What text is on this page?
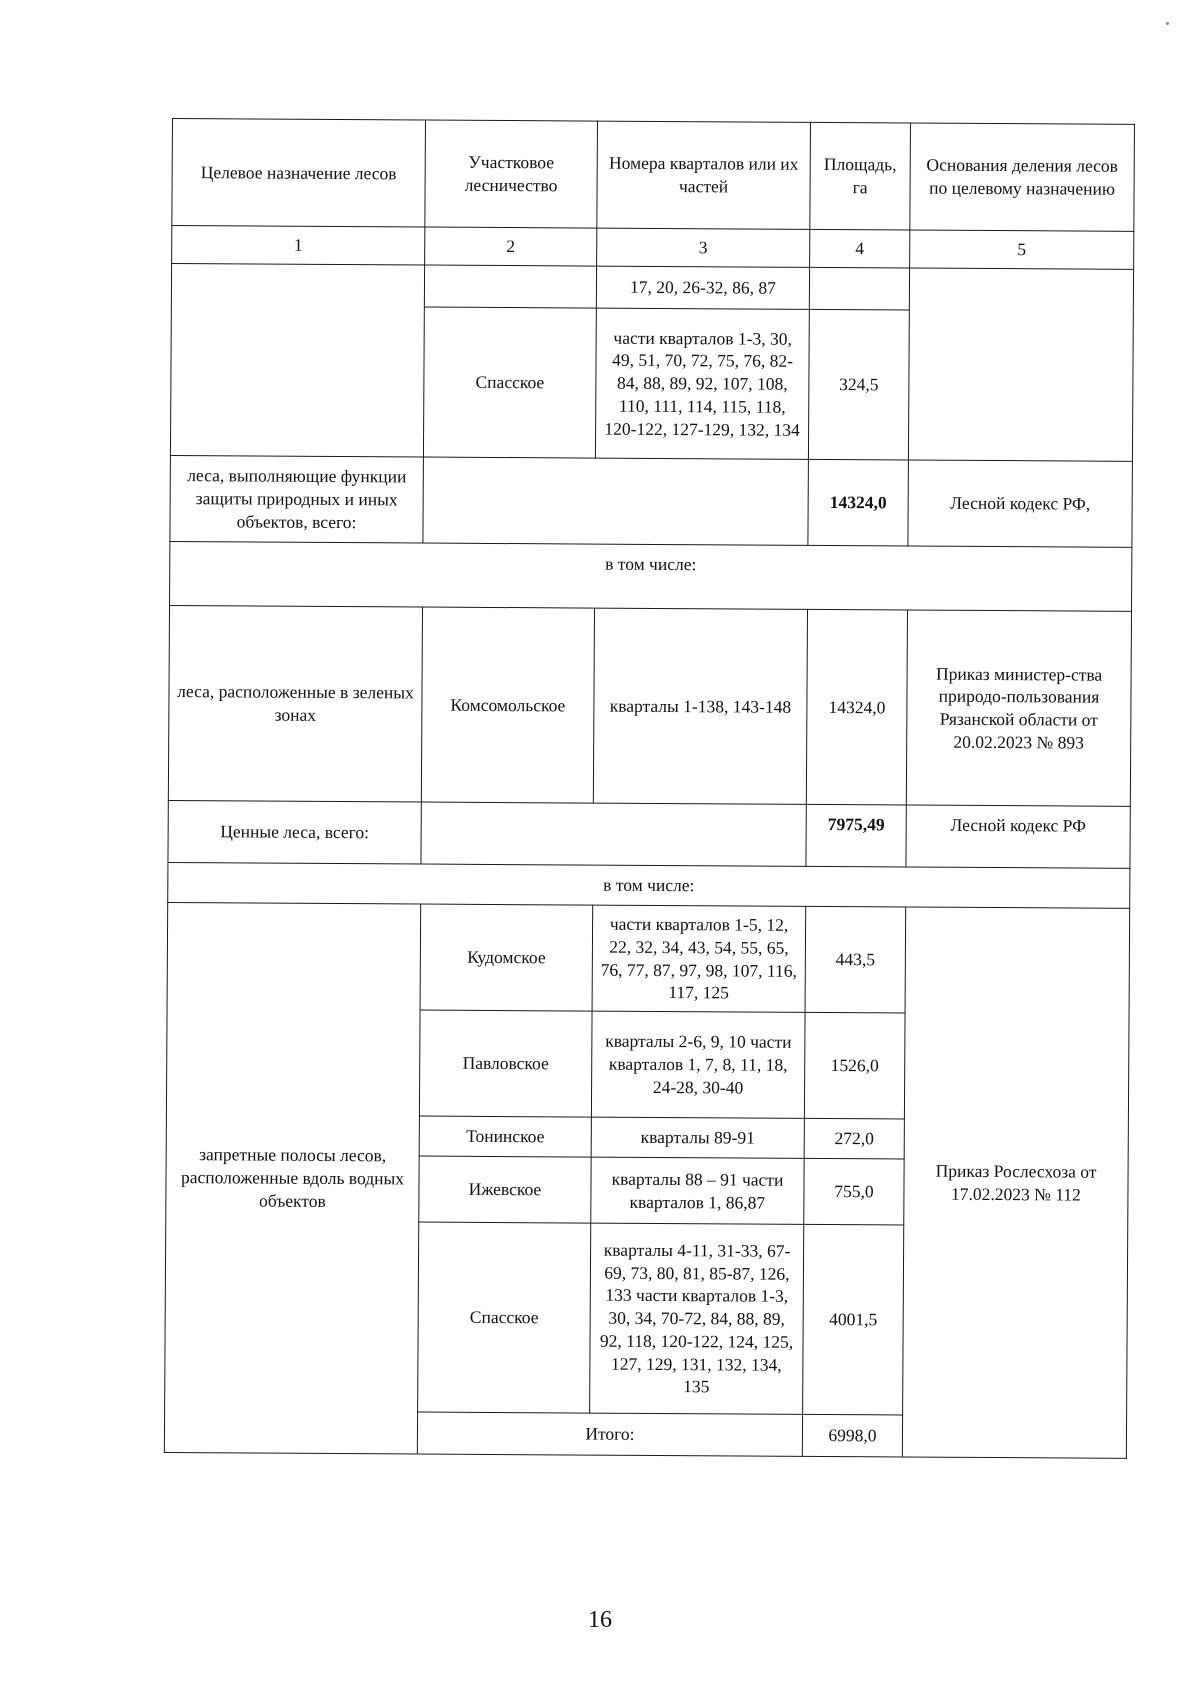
Целевое назначение лесов	Участковое лесничество	Номера кварталов или их частей	Площадь, га	Основания деления лесов по целевому назначению
1	2	3	4	5
		17, 20, 26-32, 86, 87		
	Спасское	части кварталов 1-3, 30, 49, 51, 70, 72, 75, 76, 82-84, 88, 89, 92, 107, 108, 110, 111, 114, 115, 118, 120-122, 127-129, 132, 134	324,5	
леса, выполняющие функции защиты природных и иных объектов, всего:			14324,0	Лесной кодекс РФ,
в том числе:				
леса, расположенные в зеленых зонах	Комсомольское	кварталы 1-138, 143-148	14324,0	Приказ министер-ства природо-пользования Рязанской области от 20.02.2023 № 893
Ценные леса, всего:			7975,49	Лесной кодекс РФ
в том числе:				
запретные полосы лесов, расположенные вдоль водных объектов	Кудомское	части кварталов 1-5, 12, 22, 32, 34, 43, 54, 55, 65, 76, 77, 87, 97, 98, 107, 116, 117, 125	443,5	Приказ Рослесхоза от 17.02.2023 № 112
	Павловское	кварталы 2-6, 9, 10 части кварталов 1, 7, 8, 11, 18, 24-28, 30-40	1526,0	
	Тонинское	кварталы 89-91	272,0	
	Ижевское	кварталы 88 – 91 части кварталов 1, 86,87	755,0	
	Спасское	кварталы 4-11, 31-33, 67-69, 73, 80, 81, 85-87, 126, 133 части кварталов 1-3, 30, 34, 70-72, 84, 88, 89, 92, 118, 120-122, 124, 125, 127, 129, 131, 132, 134, 135	4001,5	
	Итого:		6998,0	
16
